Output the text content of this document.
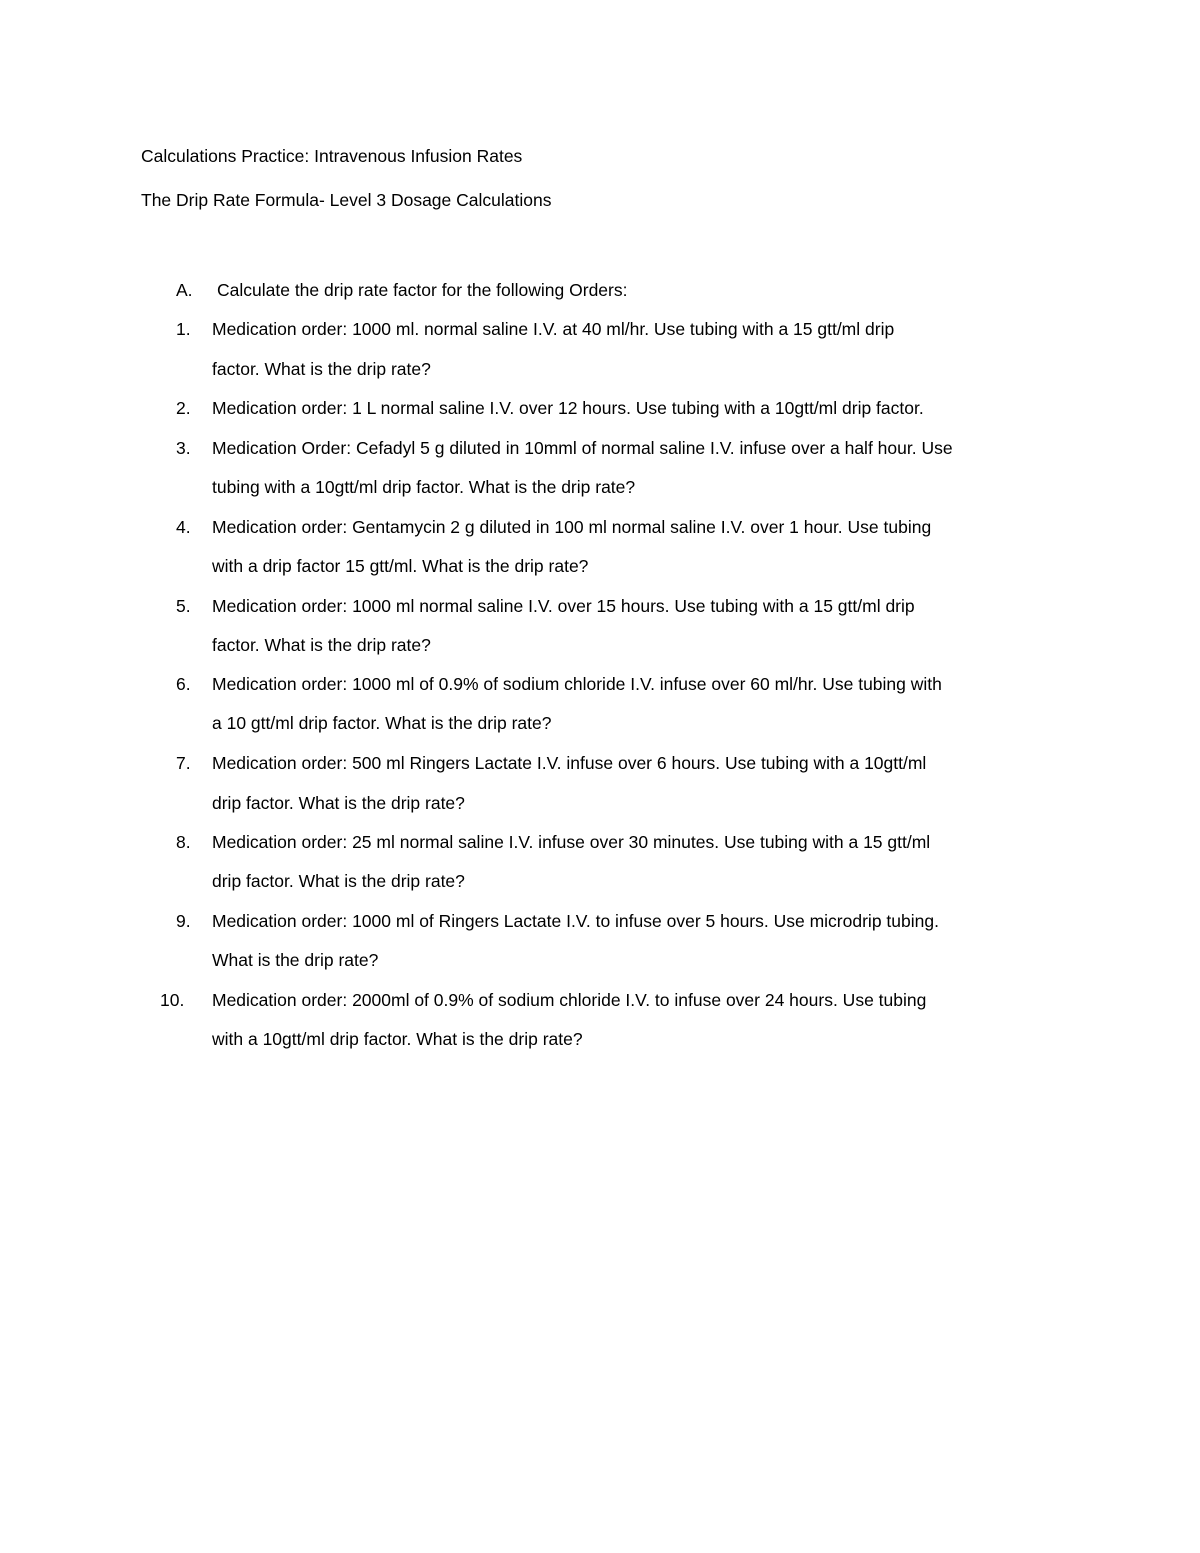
Calculations Practice: Intravenous Infusion Rates
The Drip Rate Formula- Level 3 Dosage Calculations
A. Calculate the drip rate factor for the following Orders:
1. Medication order: 1000 ml. normal saline I.V. at 40 ml/hr. Use tubing with a 15 gtt/ml drip
factor. What is the drip rate?
2. Medication order: 1 L normal saline I.V. over 12 hours. Use tubing with a 10gtt/ml drip factor.
3. Medication Order: Cefadyl 5 g diluted in 10mml of normal saline I.V. infuse over a half hour. Use
tubing with a 10gtt/ml drip factor. What is the drip rate?
4. Medication order: Gentamycin 2 g diluted in 100 ml normal saline I.V. over 1 hour. Use tubing
with a drip factor 15 gtt/ml. What is the drip rate?
5. Medication order: 1000 ml normal saline I.V. over 15 hours. Use tubing with a 15 gtt/ml drip
factor. What is the drip rate?
6. Medication order: 1000 ml of 0.9% of sodium chloride I.V. infuse over 60 ml/hr. Use tubing with
a 10 gtt/ml drip factor. What is the drip rate?
7. Medication order: 500 ml Ringers Lactate I.V. infuse over 6 hours. Use tubing with a 10gtt/ml
drip factor. What is the drip rate?
8. Medication order: 25 ml normal saline I.V. infuse over 30 minutes. Use tubing with a 15 gtt/ml
drip factor. What is the drip rate?
9. Medication order: 1000 ml of Ringers Lactate I.V. to infuse over 5 hours. Use microdrip tubing.
What is the drip rate?
10. Medication order: 2000ml of 0.9% of sodium chloride I.V. to infuse over 24 hours. Use tubing
with a 10gtt/ml drip factor. What is the drip rate?
